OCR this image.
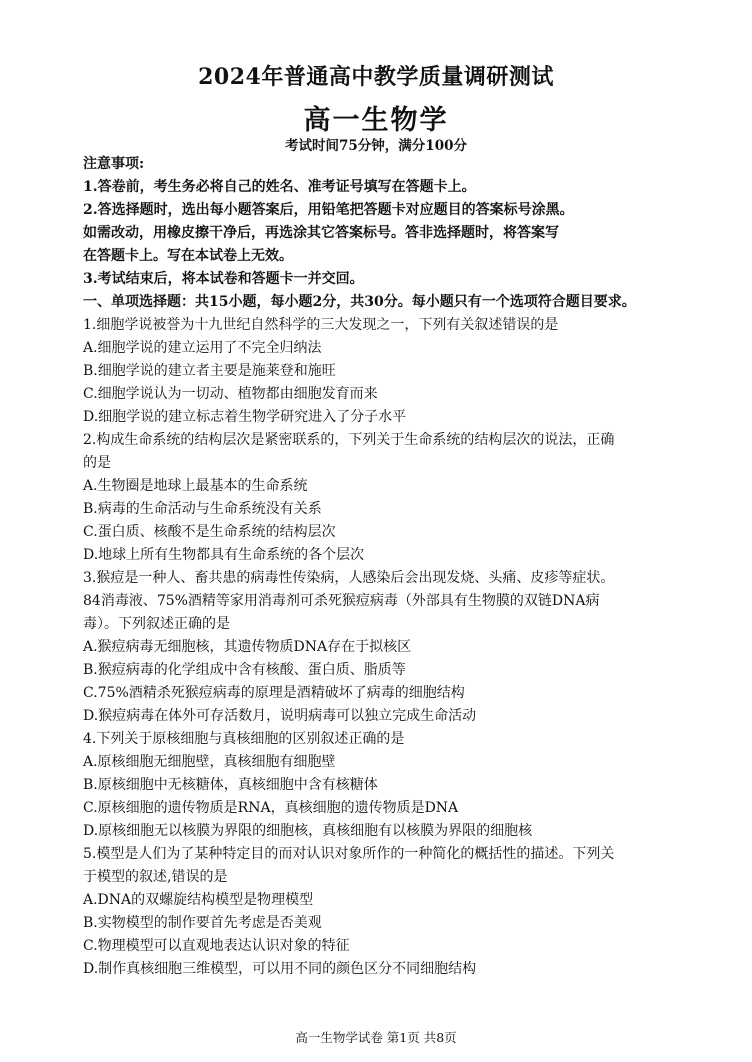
2024年普通高中教学质量调研测试
高一生物学
考试时间75分钟，满分100分
注意事项:
1.答卷前，考生务必将自己的姓名、准考证号填写在答题卡上。
2.答选择题时，选出每小题答案后，用铅笔把答题卡对应题目的答案标号涂黑。
如需改动，用橡皮擦干净后，再选涂其它答案标号。答非选择题时，将答案写
在答题卡上。写在本试卷上无效。
3.考试结束后，将本试卷和答题卡一并交回。
一、单项选择题：共15小题，每小题2分，共30分。每小题只有一个选项符合题目要求。
1.细胞学说被誉为十九世纪自然科学的三大发现之一，下列有关叙述错误的是
A.细胞学说的建立运用了不完全归纳法
B.细胞学说的建立者主要是施莱登和施旺
C.细胞学说认为一切动、植物都由细胞发育而来
D.细胞学说的建立标志着生物学研究进入了分子水平
2.构成生命系统的结构层次是紧密联系的，下列关于生命系统的结构层次的说法，正确
的是
A.生物圈是地球上最基本的生命系统
B.病毒的生命活动与生命系统没有关系
C.蛋白质、核酸不是生命系统的结构层次
D.地球上所有生物都具有生命系统的各个层次
3.猴痘是一种人、畜共患的病毒性传染病，人感染后会出现发烧、头痛、皮疹等症状。
84消毒液、75%酒精等家用消毒剂可杀死猴痘病毒（外部具有生物膜的双链DNA病
毒）。下列叙述正确的是
A.猴痘病毒无细胞核，其遗传物质DNA存在于拟核区
B.猴痘病毒的化学组成中含有核酸、蛋白质、脂质等
C.75%酒精杀死猴痘病毒的原理是酒精破坏了病毒的细胞结构
D.猴痘病毒在体外可存活数月，说明病毒可以独立完成生命活动
4.下列关于原核细胞与真核细胞的区别叙述正确的是
A.原核细胞无细胞壁，真核细胞有细胞壁
B.原核细胞中无核糖体，真核细胞中含有核糖体
C.原核细胞的遗传物质是RNA，真核细胞的遗传物质是DNA
D.原核细胞无以核膜为界限的细胞核，真核细胞有以核膜为界限的细胞核
5.模型是人们为了某种特定目的而对认识对象所作的一种简化的概括性的描述。下列关
于模型的叙述,错误的是
A.DNA的双螺旋结构模型是物理模型
B.实物模型的制作要首先考虑是否美观
C.物理模型可以直观地表达认识对象的特征
D.制作真核细胞三维模型，可以用不同的颜色区分不同细胞结构
高一生物学试卷 第1页 共8页
